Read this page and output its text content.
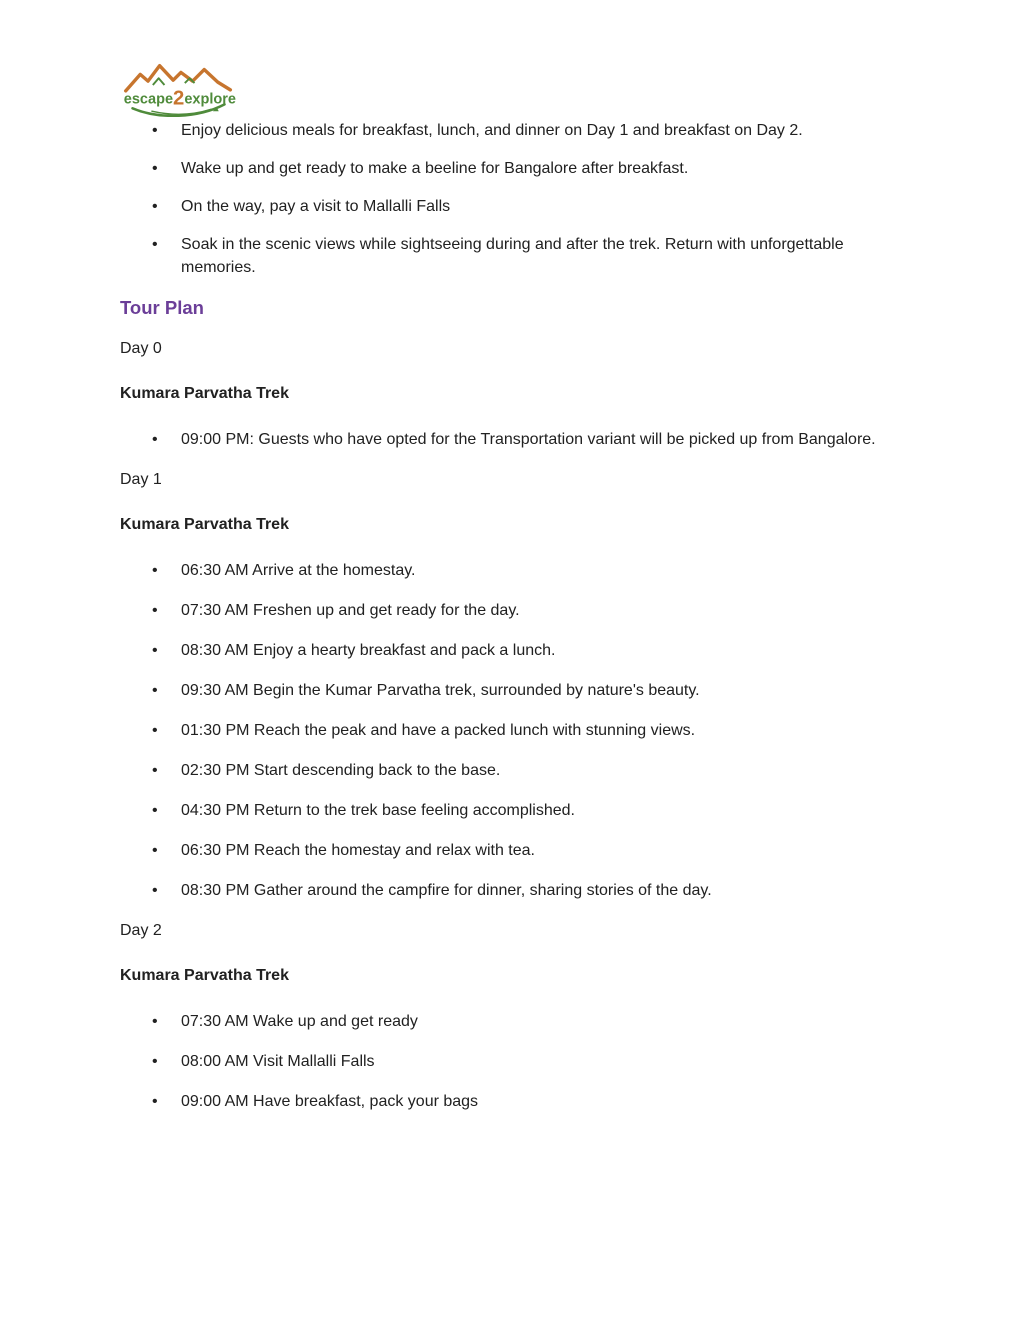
escape2explore
• Enjoy delicious meals for breakfast, lunch, and dinner on Day 1 and breakfast on Day 2.
• Wake up and get ready to make a beeline for Bangalore after breakfast.
• On the way, pay a visit to Mallalli Falls
• Soak in the scenic views while sightseeing during and after the trek. Return with unforgettable memories.
Tour Plan

Day 0

Kumara Parvatha Trek
• 09:00 PM: Guests who have opted for the Transportation variant will be picked up from Bangalore.

Day 1

Kumara Parvatha Trek
• 06:30 AM Arrive at the homestay.
• 07:30 AM Freshen up and get ready for the day.
• 08:30 AM Enjoy a hearty breakfast and pack a lunch.
• 09:30 AM Begin the Kumar Parvatha trek, surrounded by nature's beauty.
• 01:30 PM Reach the peak and have a packed lunch with stunning views.
• 02:30 PM Start descending back to the base.
• 04:30 PM Return to the trek base feeling accomplished.
• 06:30 PM Reach the homestay and relax with tea.
• 08:30 PM Gather around the campfire for dinner, sharing stories of the day.

Day 2

Kumara Parvatha Trek
• 07:30 AM Wake up and get ready
• 08:00 AM Visit Mallalli Falls
• 09:00 AM Have breakfast, pack your bags
